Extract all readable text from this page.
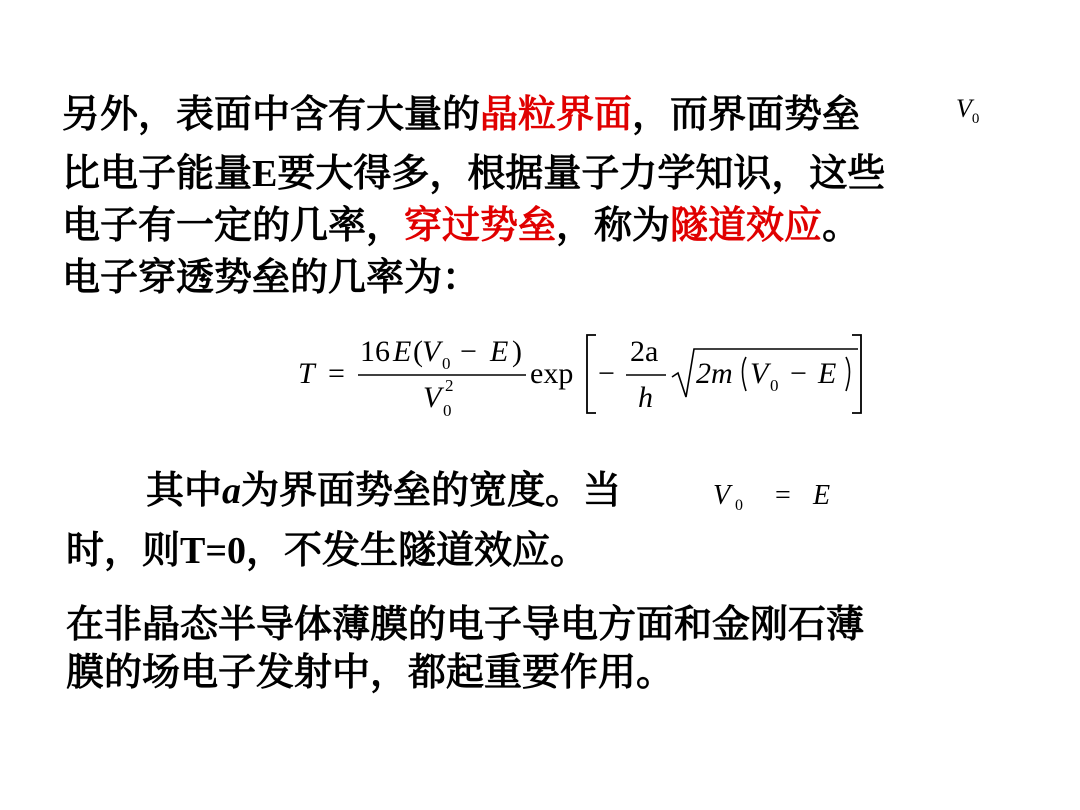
另外，表面中含有大量的晶粒界面，而界面势垒	$V_0$
比电子能量E要大得多，根据量子力学知识，这些
电子有一定的几率，穿过势垒，称为隧道效应。
电子穿透势垒的几率为：
T =
16 E ( V 0 − E )
V 2
0
exp −
2a
h
2m V 0 − E
其中a为界面势垒的宽度。当	V 0 = E
时，则T=0，不发生隧道效应。
在非晶态半导体薄膜的电子导电方面和金刚石薄
膜的场电子发射中，都起重要作用。
